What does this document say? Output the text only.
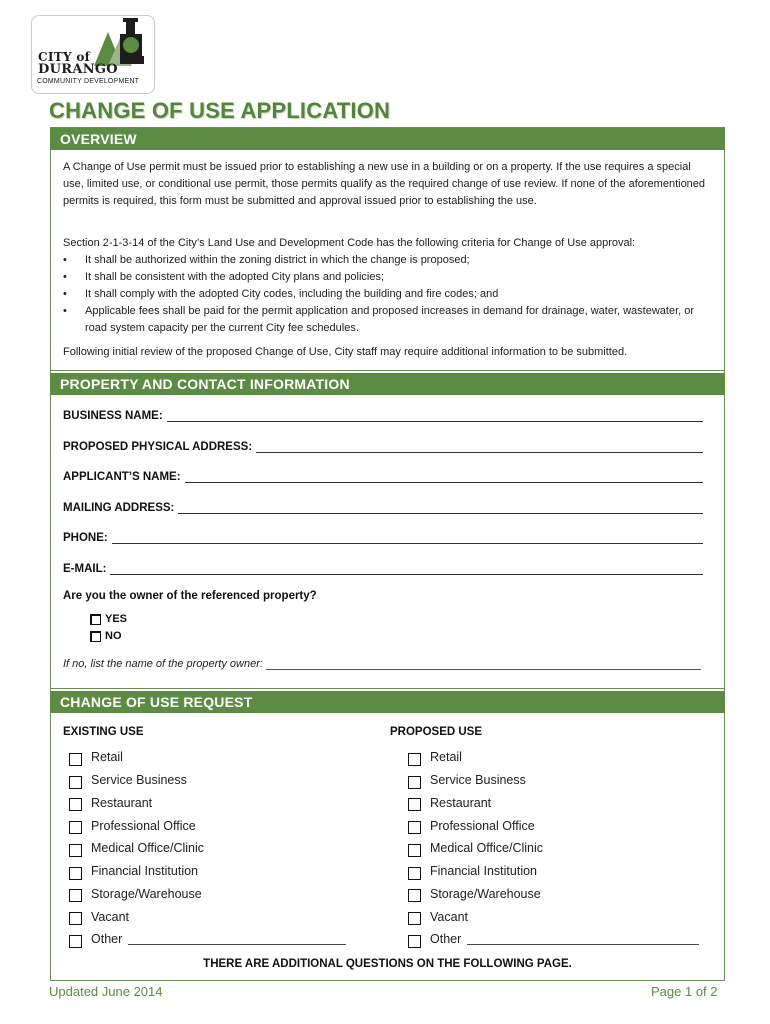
CITY of
DURANGO
COMMUNITY DEVELOPMENT
CHANGE OF USE APPLICATION
OVERVIEW

A Change of Use permit must be issued prior to establishing a new use in a building or on a property. If the use requires a special use, limited use, or conditional use permit, those permits qualify as the required change of use review. If none of the aforementioned permits is required, this form must be submitted and approval issued prior to establishing the use.

Section 2-1-3-14 of the City’s Land Use and Development Code has the following criteria for Change of Use approval:

• It shall be authorized within the zoning district in which the change is proposed;
• It shall be consistent with the adopted City plans and policies;
• It shall comply with the adopted City codes, including the building and fire codes; and
• Applicable fees shall be paid for the permit application and proposed increases in demand for drainage, water, wastewater, or road system capacity per the current City fee schedules.

Following initial review of the proposed Change of Use, City staff may require additional information to be submitted.

PROPERTY AND CONTACT INFORMATION
BUSINESS NAME:
PROPOSED PHYSICAL ADDRESS:
APPLICANT’S NAME:
MAILING ADDRESS:
PHONE:
E-MAIL:

Are you the owner of the referenced property?

YES
NO
If no, list the name of the property owner:
CHANGE OF USE REQUEST

EXISTING USE	PROPOSED USE

Retail
Service Business
Restaurant
Professional Office
Medical Office/Clinic
Financial Institution
Storage/Warehouse
Vacant
Other
Retail
Service Business
Restaurant
Professional Office
Medical Office/Clinic
Financial Institution
Storage/Warehouse
Vacant
Other

THERE ARE ADDITIONAL QUESTIONS ON THE FOLLOWING PAGE.

Updated June 2014	Page 1 of 2
